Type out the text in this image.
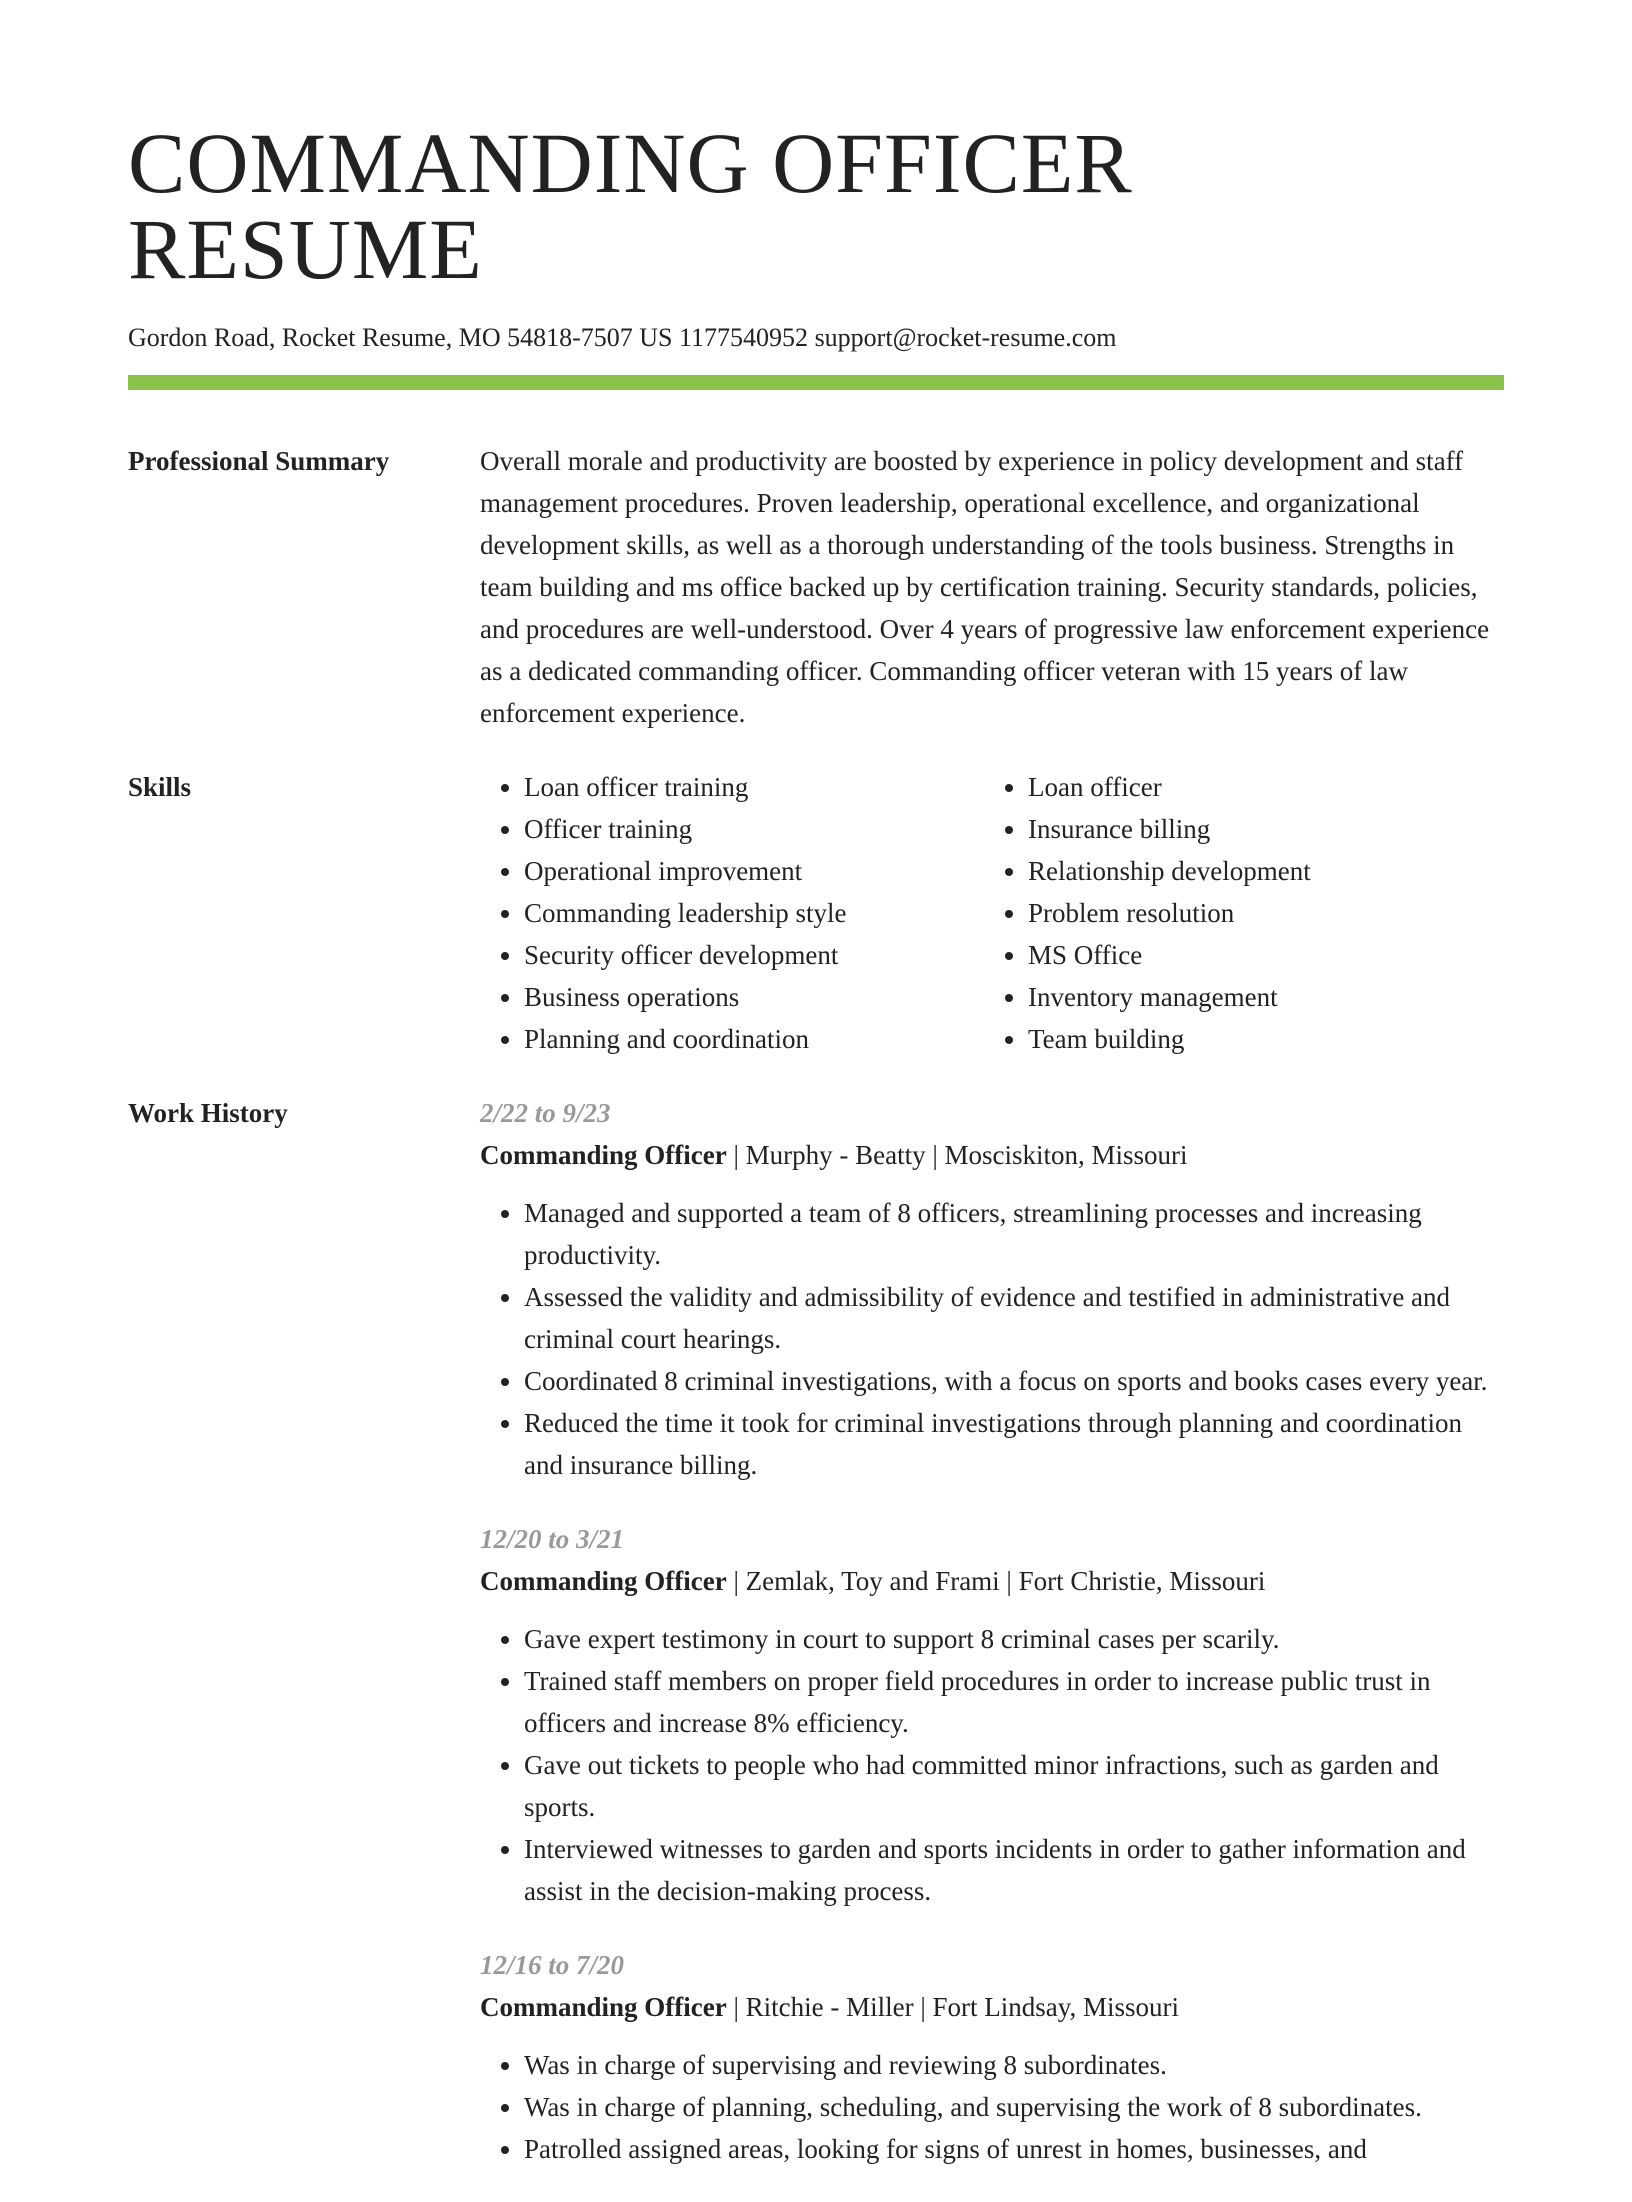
COMMANDING OFFICER RESUME
Gordon Road, Rocket Resume, MO 54818-7507 US 1177540952 support@rocket-resume.com
Professional Summary	Overall morale and productivity are boosted by experience in policy development and staff management procedures. Proven leadership, operational excellence, and organizational development skills, as well as a thorough understanding of the tools business. Strengths in team building and ms office backed up by certification training. Security standards, policies, and procedures are well-understood. Over 4 years of progressive law enforcement experience as a dedicated commanding officer. Commanding officer veteran with 15 years of law enforcement experience.
Skills
•	Loan officer training
• Officer training
• Operational improvement
• Commanding leadership style
• Security officer development
• Business operations
• Planning and coordination
• Loan officer
• Insurance billing
• Relationship development
• Problem resolution
• MS Office
• Inventory management
• Team building
Work History	2/22 to 9/23
Commanding Officer | Murphy - Beatty | Mosciskiton, Missouri
• Managed and supported a team of 8 officers, streamlining processes and increasing productivity.
• Assessed the validity and admissibility of evidence and testified in administrative and criminal court hearings.
• Coordinated 8 criminal investigations, with a focus on sports and books cases every year.
• Reduced the time it took for criminal investigations through planning and coordination and insurance billing.
12/20 to 3/21
Commanding Officer | Zemlak, Toy and Frami | Fort Christie, Missouri
• Gave expert testimony in court to support 8 criminal cases per scarily.
• Trained staff members on proper field procedures in order to increase public trust in officers and increase 8% efficiency.
• Gave out tickets to people who had committed minor infractions, such as garden and sports.
• Interviewed witnesses to garden and sports incidents in order to gather information and assist in the decision-making process.
12/16 to 7/20
Commanding Officer | Ritchie - Miller | Fort Lindsay, Missouri
• Was in charge of supervising and reviewing 8 subordinates.
• Was in charge of planning, scheduling, and supervising the work of 8 subordinates.
• Patrolled assigned areas, looking for signs of unrest in homes, businesses, and
